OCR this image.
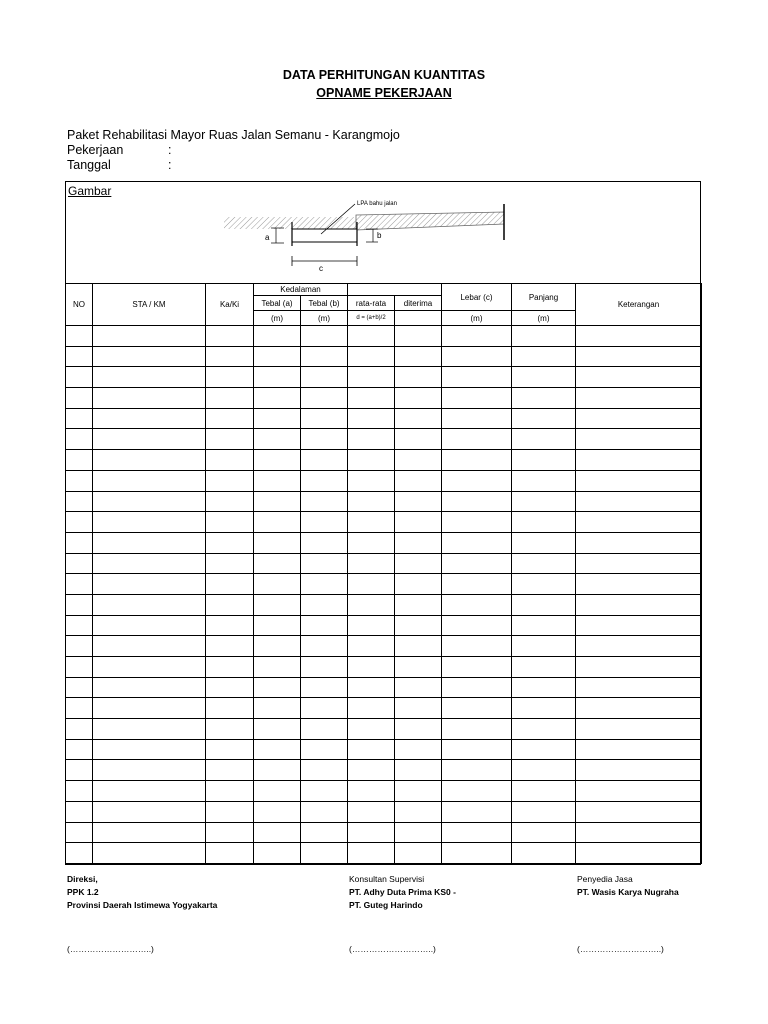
DATA PERHITUNGAN KUANTITAS
OPNAME PEKERJAAN
Paket Rehabilitasi Mayor Ruas Jalan Semanu - Karangmojo
Pekerjaan	:
Tanggal	:
Gambar
LPA bahu jalan
a	b
c
NO	STA / KM	Ka/Ki	Kedalaman				Lebar (c)	Panjang	Keterangan
			Tebal (a)	Tebal (b)	rata-rata	diterima			
			(m)	(m)	d = (a+b)/2		(m)	(m)	

Direksi,
PPK 1.2
Provinsi Daerah Istimewa Yogyakarta
Konsultan Supervisi
PT. Adhy Duta Prima KS0 -
PT. Guteg Harindo
Penyedia Jasa
PT. Wasis Karya Nugraha
(………………………..)	(………………………..)	(………………………..)
